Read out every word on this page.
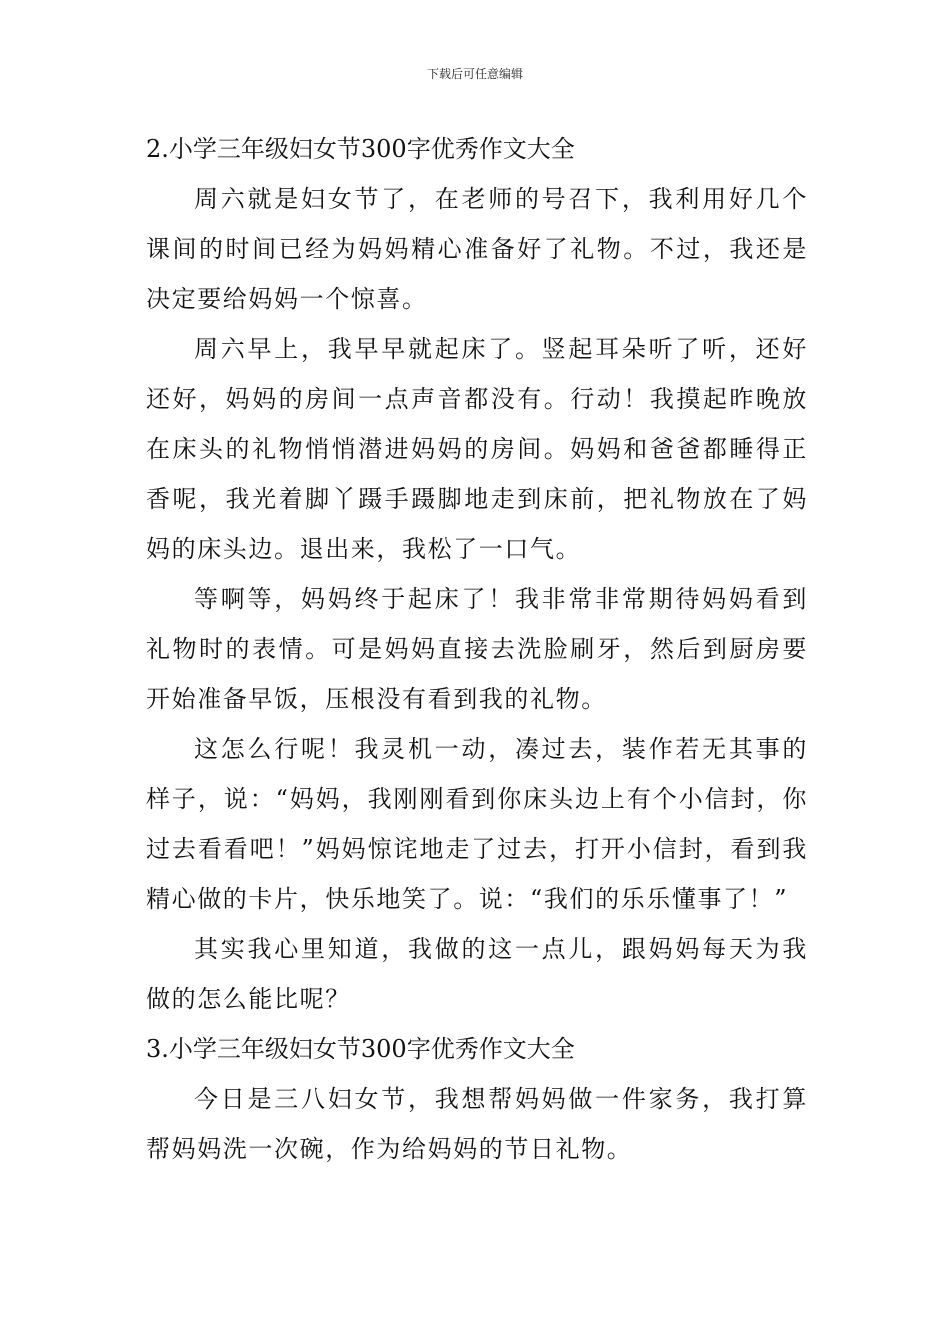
下载后可任意编辑
2.小学三年级妇女节300字优秀作文大全

周六就是妇女节了，在老师的号召下，我利用好几个课间的时间已经为妈妈精心准备好了礼物。不过，我还是决定要给妈妈一个惊喜。

周六早上，我早早就起床了。竖起耳朵听了听，还好还好，妈妈的房间一点声音都没有。行动！我摸起昨晚放在床头的礼物悄悄潜进妈妈的房间。妈妈和爸爸都睡得正香呢，我光着脚丫蹑手蹑脚地走到床前，把礼物放在了妈妈的床头边。退出来，我松了一口气。

等啊等，妈妈终于起床了！我非常非常期待妈妈看到礼物时的表情。可是妈妈直接去洗脸刷牙，然后到厨房要开始准备早饭，压根没有看到我的礼物。

这怎么行呢！我灵机一动，凑过去，装作若无其事的样子，说：“妈妈，我刚刚看到你床头边上有个小信封，你过去看看吧！”妈妈惊诧地走了过去，打开小信封，看到我精心做的卡片，快乐地笑了。说：“我们的乐乐懂事了！”

其实我心里知道，我做的这一点儿，跟妈妈每天为我做的怎么能比呢？

3.小学三年级妇女节300字优秀作文大全

今日是三八妇女节，我想帮妈妈做一件家务，我打算帮妈妈洗一次碗，作为给妈妈的节日礼物。
